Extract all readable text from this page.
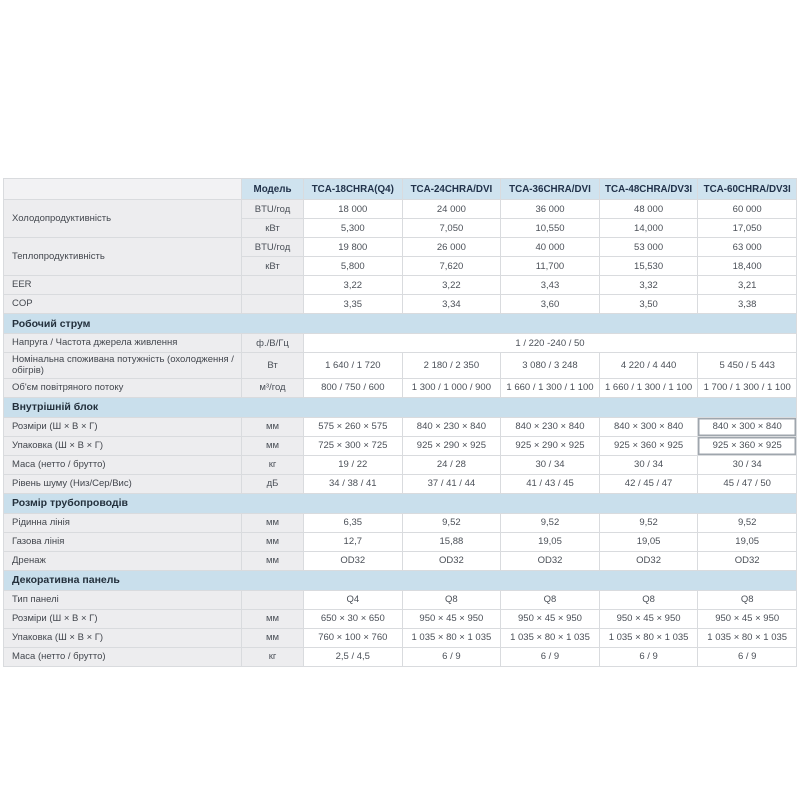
	Модель	TCA-18CHRA(Q4)	TCA-24CHRA/DVI	TCA-36CHRA/DVI	TCA-48CHRA/DV3I	TCA-60CHRA/DV3I
Холодопродуктивність	BTU/год	18 000	24 000	36 000	48 000	60 000
	кВт	5,300	7,050	10,550	14,000	17,050
Теплопродуктивність	BTU/год	19 800	26 000	40 000	53 000	63 000
	кВт	5,800	7,620	11,700	15,530	18,400
EER		3,22	3,22	3,43	3,32	3,21
COP		3,35	3,34	3,60	3,50	3,38
Робочий струм						
Напруга / Частота джерела живлення	ф./В/Гц	1 / 220 -240 / 50				
Номінальна споживана потужність (охолодження / обігрів)	Вт	1 640 / 1 720	2 180 / 2 350	3 080 / 3 248	4 220 / 4 440	5 450 / 5 443
Об'єм повітряного потоку	м³/год	800 / 750 / 600	1 300 / 1 000 / 900	1 660 / 1 300 / 1 100	1 660 / 1 300 / 1 100	1 700 / 1 300 / 1 100
Внутрішній блок						
Розміри (Ш × В × Г)	мм	575 × 260 × 575	840 × 230 × 840	840 × 230 × 840	840 × 300 × 840	840 × 300 × 840
Упаковка (Ш × В × Г)	мм	725 × 300 × 725	925 × 290 × 925	925 × 290 × 925	925 × 360 × 925	925 × 360 × 925
Маса (нетто / брутто)	кг	19 / 22	24 / 28	30 / 34	30 / 34	30 / 34
Рівень шуму (Низ/Сер/Вис)	дБ	34 / 38 / 41	37 / 41 / 44	41 / 43 / 45	42 / 45 / 47	45 / 47 / 50
Розмір трубопроводів						
Рідинна лінія	мм	6,35	9,52	9,52	9,52	9,52
Газова лінія	мм	12,7	15,88	19,05	19,05	19,05
Дренаж	мм	OD32	OD32	OD32	OD32	OD32
Декоративна панель						
Тип панелі		Q4	Q8	Q8	Q8	Q8
Розміри (Ш × В × Г)	мм	650 × 30 × 650	950 × 45 × 950	950 × 45 × 950	950 × 45 × 950	950 × 45 × 950
Упаковка (Ш × В × Г)	мм	760 × 100 × 760	1 035 × 80 × 1 035	1 035 × 80 × 1 035	1 035 × 80 × 1 035	1 035 × 80 × 1 035
Маса (нетто / брутто)	кг	2,5 / 4,5	6 / 9	6 / 9	6 / 9	6 / 9
